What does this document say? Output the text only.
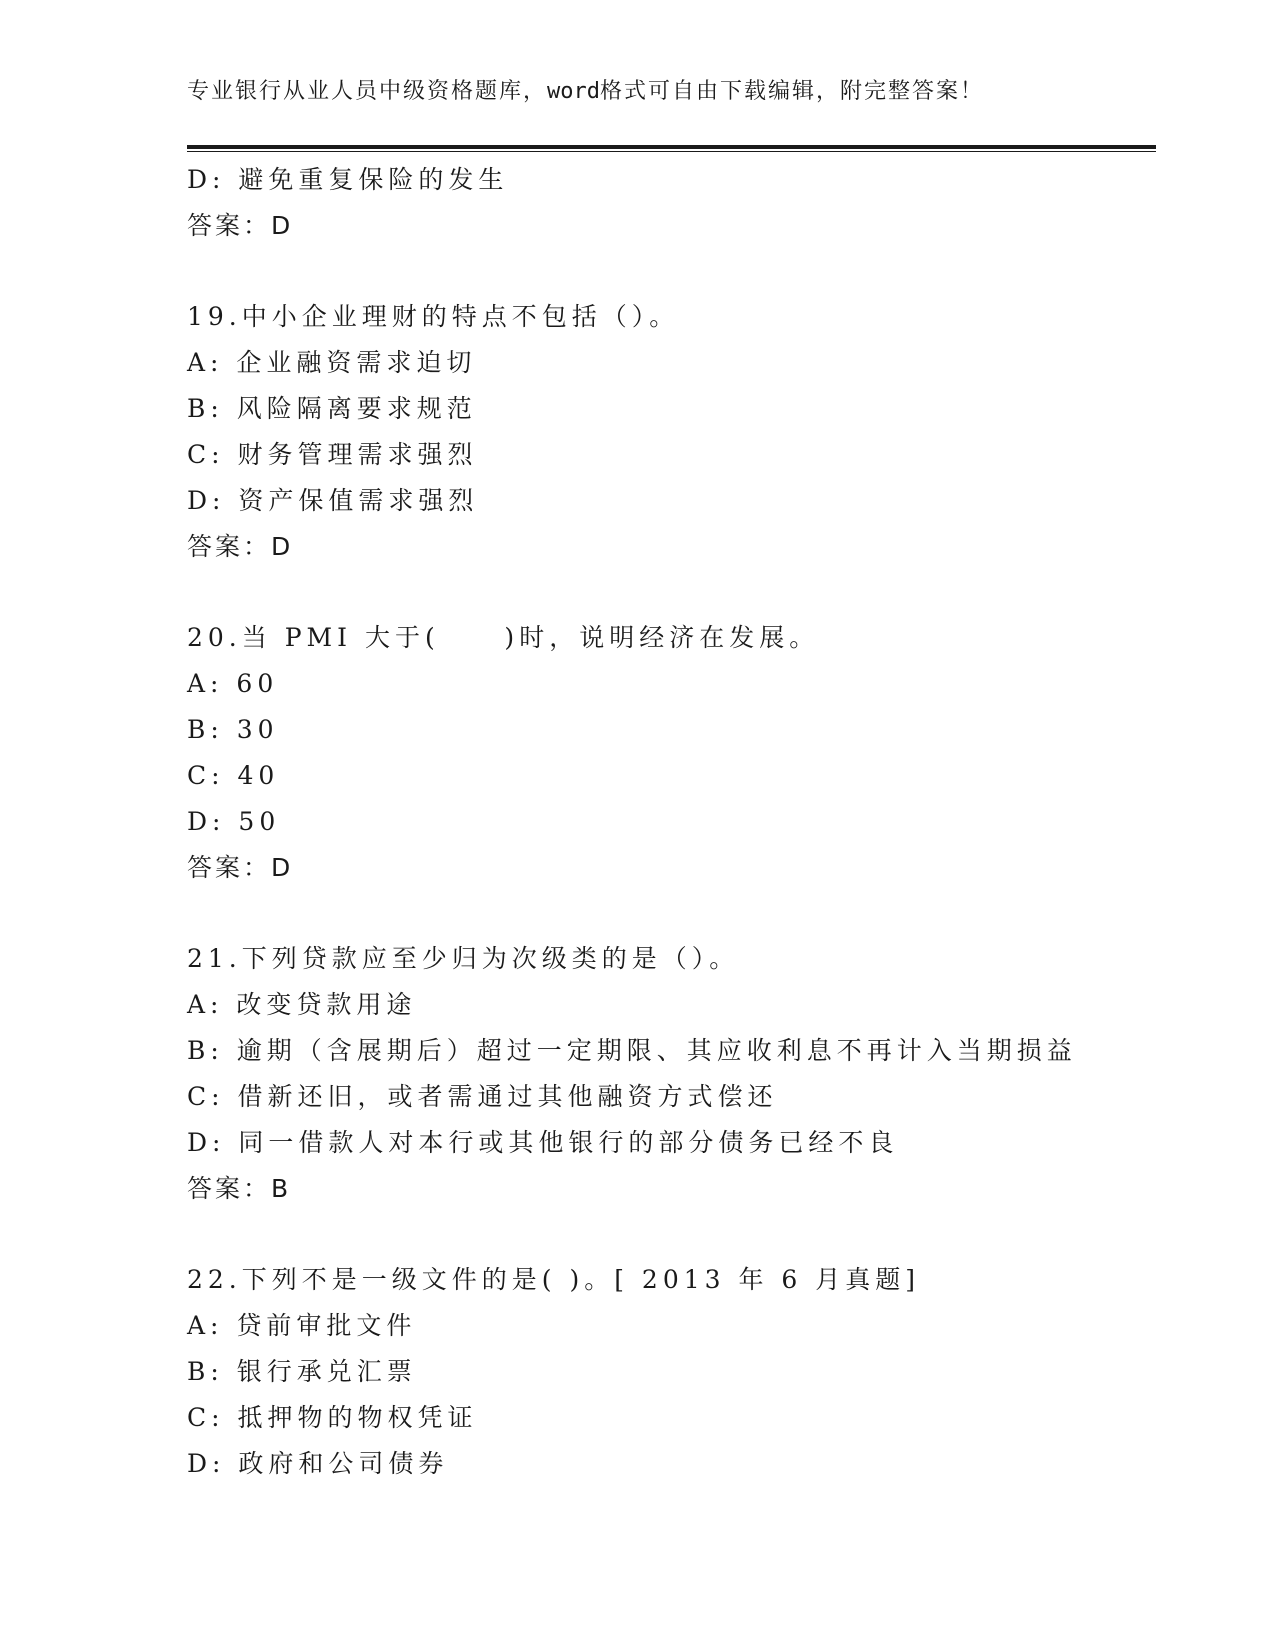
专业银行从业人员中级资格题库，word格式可自由下载编辑，附完整答案！
D: 避免重复保险的发生
答案：D
19.中小企业理财的特点不包括（）。
A: 企业融资需求迫切
B: 风险隔离要求规范
C: 财务管理需求强烈
D: 资产保值需求强烈
答案：D
20.当 PMI 大于(     )时，说明经济在发展。
A: 60
B: 30
C: 40
D: 50
答案：D
21.下列贷款应至少归为次级类的是（）。
A: 改变贷款用途
B: 逾期（含展期后）超过一定期限、其应收利息不再计入当期损益
C: 借新还旧，或者需通过其他融资方式偿还
D: 同一借款人对本行或其他银行的部分债务已经不良
答案：B
22.下列不是一级文件的是( )。[ 2013 年 6 月真题]
A: 贷前审批文件
B: 银行承兑汇票
C: 抵押物的物权凭证
D: 政府和公司债券
